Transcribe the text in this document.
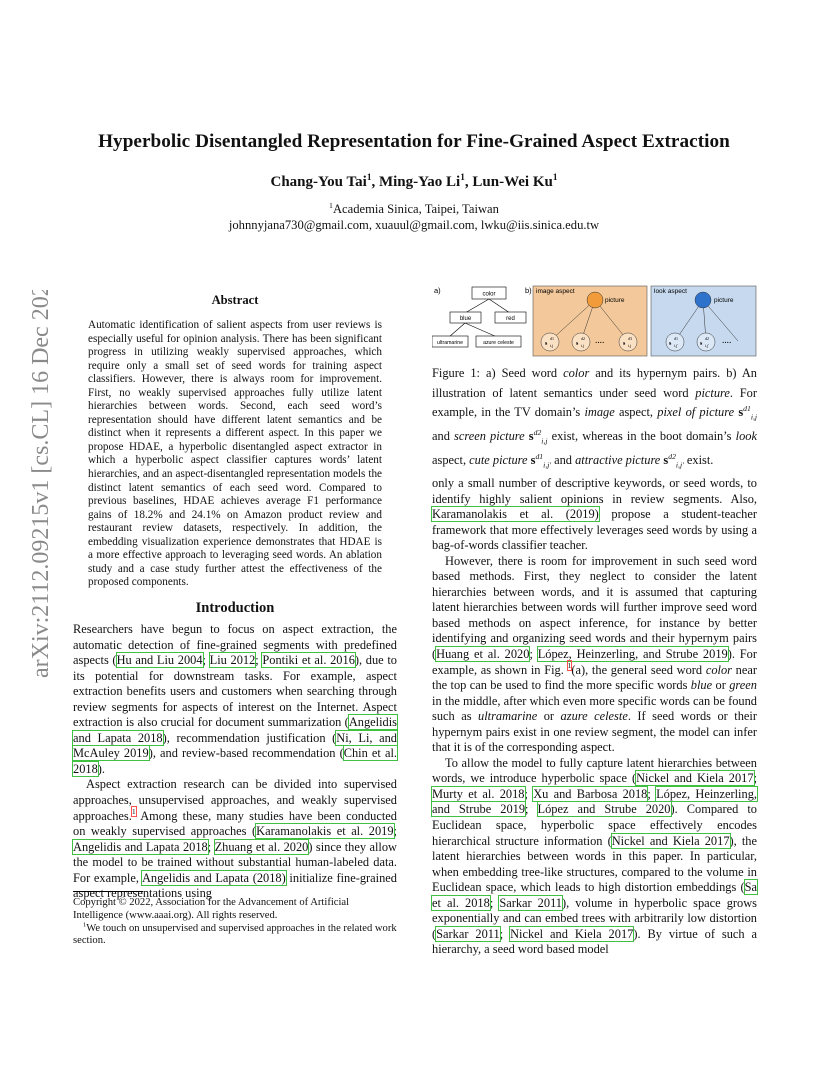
arXiv:2112.09215v1 [cs.CL] 16 Dec 2021
Hyperbolic Disentangled Representation for Fine-Grained Aspect Extraction
Chang-You Tai$^1$, Ming-Yao Li$^1$, Lun-Wei Ku$^1$
$^1$Academia Sinica, Taipei, Taiwan
johnnyjana730@gmail.com, xuauul@gmail.com, lwku@iis.sinica.edu.tw
Abstract
Automatic identification of salient aspects from user reviews is especially useful for opinion analysis. There has been significant progress in utilizing weakly supervised approaches, which require only a small set of seed words for training aspect classifiers. However, there is always room for improvement. First, no weakly supervised approaches fully utilize latent hierarchies between words. Second, each seed word’s representation should have different latent semantics and be distinct when it represents a different aspect. In this paper we propose HDAE, a hyperbolic disentangled aspect extractor in which a hyperbolic aspect classifier captures words’ latent hierarchies, and an aspect-disentangled representation models the distinct latent semantics of each seed word. Compared to previous baselines, HDAE achieves average F1 performance gains of 18.2% and 24.1% on Amazon product review and restaurant review datasets, respectively. In addition, the embedding visualization experience demonstrates that HDAE is a more effective approach to leveraging seed words. An ablation study and a case study further attest the effectiveness of the proposed components.
Introduction

Researchers have begun to focus on aspect extraction, the automatic detection of fine-grained segments with predefined aspects (Hu and Liu 2004; Liu 2012; Pontiki et al. 2016), due to its potential for downstream tasks. For example, aspect extraction benefits users and customers when searching through review segments for aspects of interest on the Internet. Aspect extraction is also crucial for document summarization (Angelidis and Lapata 2018), recommendation justification (Ni, Li, and McAuley 2019), and review-based recommendation (Chin et al. 2018).

Aspect extraction research can be divided into supervised approaches, unsupervised approaches, and weakly supervised approaches.$^1$ Among these, many studies have been conducted on weakly supervised approaches (Karamanolakis et al. 2019; Angelidis and Lapata 2018; Zhuang et al. 2020) since they allow the model to be trained without substantial human-labeled data. For example, Angelidis and Lapata (2018) initialize fine-grained aspect representations using

Copyright © 2022, Association for the Advancement of Artificial Intelligence (www.aaai.org). All rights reserved.

$^1$We touch on unsupervised and supervised approaches in the related work section.

a)	color
blue	red
ultramarine	azure celeste
b) image aspect	look aspect
picture	picture
s
d1
i,j	s
d2
i,j ····	s
d3
i,j	s
d1
i,j′	s
d2
i,j′ ····
Figure 1: a) Seed word color and its hypernym pairs. b) An illustration of latent semantics under seed word picture. For example, in the TV domain’s image aspect, pixel of picture $s^{d1}_{i,j}$ and screen picture $s^{d2}_{i,j}$ exist, whereas in the boot domain’s look aspect, cute picture $s^{d1}_{i,j'}$ and attractive picture $s^{d2}_{i,j'}$ exist.

only a small number of descriptive keywords, or seed words, to identify highly salient opinions in review segments. Also, Karamanolakis et al. (2019) propose a student-teacher framework that more effectively leverages seed words by using a bag-of-words classifier teacher.

However, there is room for improvement in such seed word based methods. First, they neglect to consider the latent hierarchies between words, and it is assumed that capturing latent hierarchies between words will further improve seed word based methods on aspect inference, for instance by better identifying and organizing seed words and their hypernym pairs (Huang et al. 2020; López, Heinzerling, and Strube 2019). For example, as shown in Fig. $^1$(a), the general seed word color near the top can be used to find the more specific words blue or green in the middle, after which even more specific words can be found such as ultramarine or azure celeste. If seed words or their hypernym pairs exist in one review segment, the model can infer that it is of the corresponding aspect.

To allow the model to fully capture latent hierarchies between words, we introduce hyperbolic space (Nickel and Kiela 2017; Murty et al. 2018; Xu and Barbosa 2018; López, Heinzerling, and Strube 2019; López and Strube 2020). Compared to Euclidean space, hyperbolic space effectively encodes hierarchical structure information (Nickel and Kiela 2017), the latent hierarchies between words in this paper. In particular, when embedding tree-like structures, compared to the volume in Euclidean space, which leads to high distortion embeddings (Sa et al. 2018; Sarkar 2011), volume in hyperbolic space grows exponentially and can embed trees with arbitrarily low distortion (Sarkar 2011; Nickel and Kiela 2017). By virtue of such a hierarchy, a seed word based model
